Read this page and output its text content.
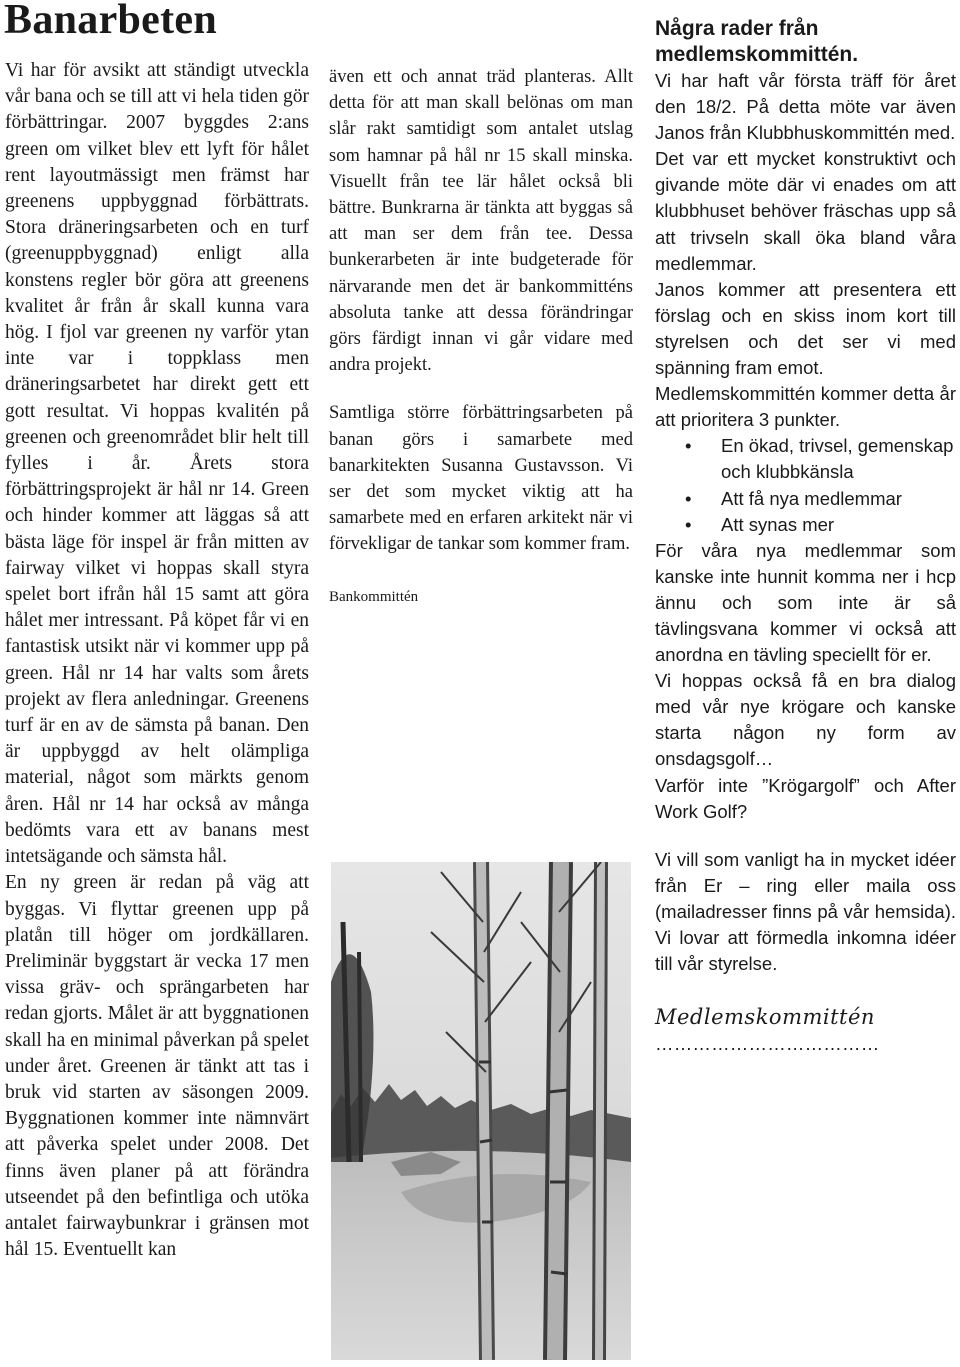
Banarbeten

Vi har för avsikt att ständigt utveckla vår bana och se till att vi hela tiden gör förbättringar. 2007 byggdes 2:ans green om vilket blev ett lyft för hålet rent layoutmässigt men främst har greenens uppbyggnad förbättrats. Stora dräneringsarbeten och en turf (greenuppbyggnad) enligt alla konstens regler bör göra att greenens kvalitet år från år skall kunna vara hög. I fjol var greenen ny varför ytan inte var i toppklass men dräneringsarbetet har direkt gett ett gott resultat. Vi hoppas kvalitén på greenen och greenområdet blir helt till fylles i år. Årets stora förbättringsprojekt är hål nr 14. Green och hinder kommer att läggas så att bästa läge för inspel är från mitten av fairway vilket vi hoppas skall styra spelet bort ifrån hål 15 samt att göra hålet mer intressant. På köpet får vi en fantastisk utsikt när vi kommer upp på green. Hål nr 14 har valts som årets projekt av flera anledningar. Greenens turf är en av de sämsta på banan. Den är uppbyggd av helt olämpliga material, något som märkts genom åren. Hål nr 14 har också av många bedömts vara ett av banans mest intetsägande och sämsta hål.

En ny green är redan på väg att byggas. Vi flyttar greenen upp på platån till höger om jordkällaren. Preliminär byggstart är vecka 17 men vissa gräv- och sprängarbeten har redan gjorts. Målet är att byggnationen skall ha en minimal påverkan på spelet under året. Greenen är tänkt att tas i bruk vid starten av säsongen 2009. Byggnationen kommer inte nämnvärt att påverka spelet under 2008. Det finns även planer på att förändra utseendet på den befintliga och utöka antalet fairwaybunkrar i gränsen mot hål 15. Eventuellt kan

även ett och annat träd planteras. Allt detta för att man skall belönas om man slår rakt samtidigt som antalet utslag som hamnar på hål nr 15 skall minska. Visuellt från tee lär hålet också bli bättre. Bunkrarna är tänkta att byggas så att man ser dem från tee. Dessa bunkerarbeten är inte budgeterade för närvarande men det är bankommitténs absoluta tanke att dessa förändringar görs färdigt innan vi går vidare med andra projekt.

Samtliga större förbättringsarbeten på banan görs i samarbete med banarkitekten Susanna Gustavsson. Vi ser det som mycket viktig att ha samarbete med en erfaren arkitekt när vi förvekligar de tankar som kommer fram.

Bankommittén

Några rader från medlemskommittén.

Vi har haft vår första träff för året den 18/2. På detta möte var även Janos från Klubbhuskommittén med.

Det var ett mycket konstruktivt och givande möte där vi enades om att klubbhuset behöver fräschas upp så att trivseln skall öka bland våra medlemmar.

Janos kommer att presentera ett förslag och en skiss inom kort till styrelsen och det ser vi med spänning fram emot.

Medlemskommittén kommer detta år att prioritera 3 punkter.

• En ökad, trivsel, gemenskap och klubbkänsla
• Att få nya medlemmar
• Att synas mer

För våra nya medlemmar som kanske inte hunnit komma ner i hcp ännu och som inte är så tävlingsvana kommer vi också att anordna en tävling speciellt för er.

Vi hoppas också få en bra dialog med vår nye krögare och kanske starta någon ny form av onsdagsgolf…

Varför inte ”Krögargolf” och After Work Golf?

Vi vill som vanligt ha in mycket idéer från Er – ring eller maila oss (mailadresser finns på vår hemsida). Vi lovar att förmedla inkomna idéer till vår styrelse.

Medlemskommittén

………………………………
